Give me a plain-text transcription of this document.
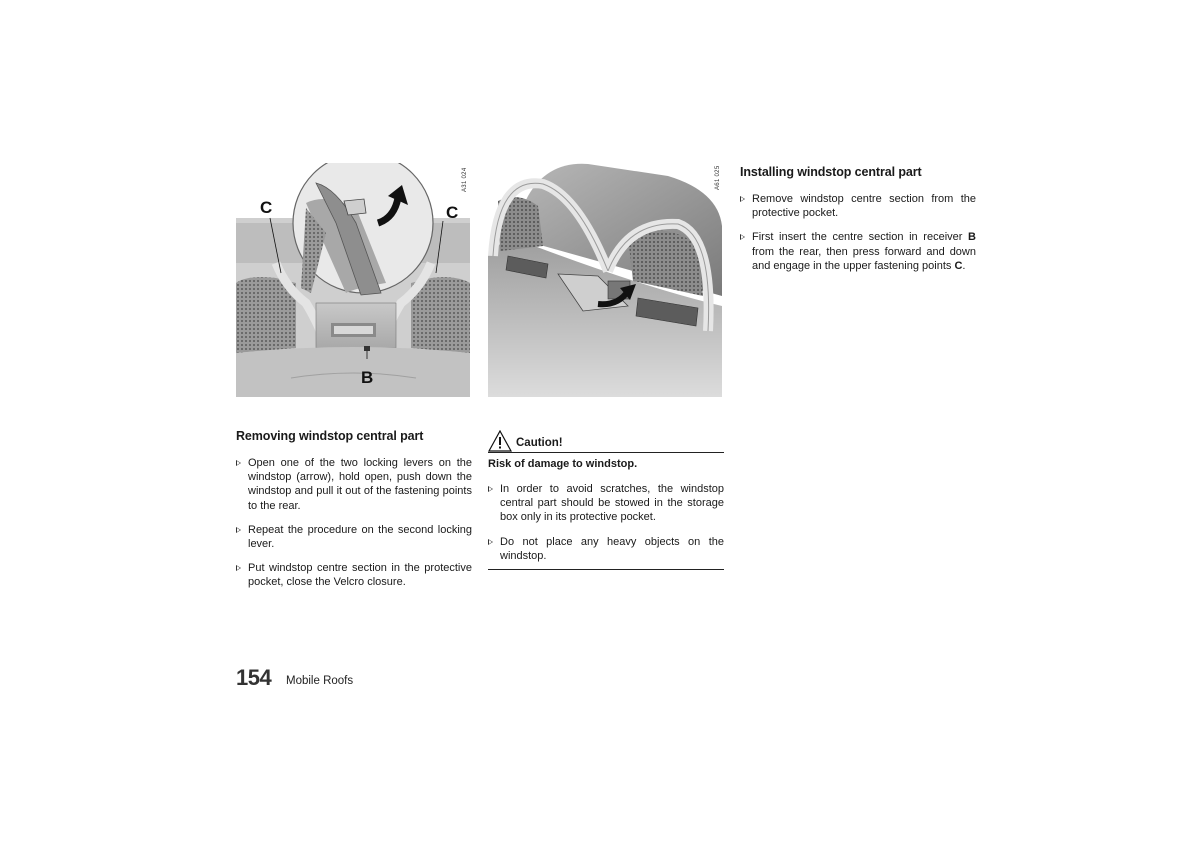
C	C
B
A31 024	A61 025
Removing windstop central part
Open one of the two locking levers on the windstop (arrow), hold open, push down the windstop and pull it out of the fastening points to the rear.
Repeat the procedure on the second locking lever.
Put windstop centre section in the protective pocket, close the Velcro closure.
Caution!
Risk of damage to windstop.
In order to avoid scratches, the windstop central part should be stowed in the storage box only in its protective pocket.
Do not place any heavy objects on the windstop.
Installing windstop central part
Remove windstop centre section from the protective pocket.
First insert the centre section in receiver B from the rear, then press forward and down and engage in the upper fastening points C.
154 Mobile Roofs
